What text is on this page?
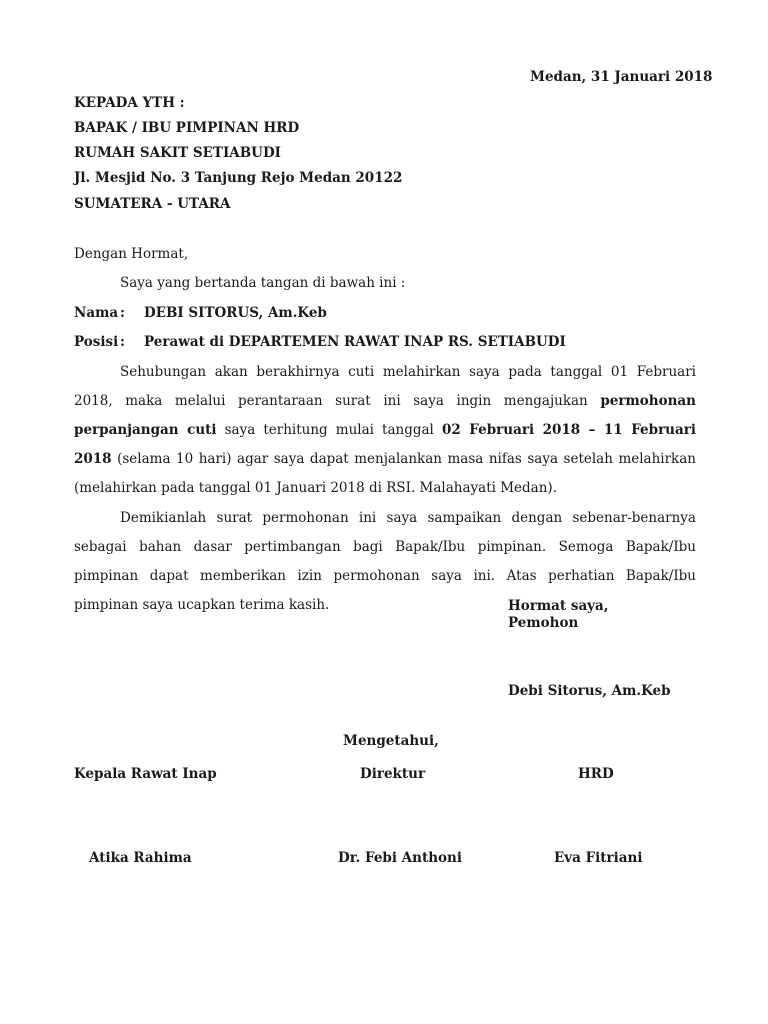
Medan, 31 Januari 2018
KEPADA YTH :
BAPAK / IBU PIMPINAN HRD
RUMAH SAKIT SETIABUDI
Jl. Mesjid No. 3 Tanjung Rejo Medan 20122
SUMATERA - UTARA
Dengan Hormat,
Saya yang bertanda tangan di bawah ini :
Nama : DEBI SITORUS, Am.Keb
Posisi : Perawat di DEPARTEMEN RAWAT INAP RS. SETIABUDI

Sehubungan akan berakhirnya cuti melahirkan saya pada tanggal 01 Februari 2018, maka melalui perantaraan surat ini saya ingin mengajukan permohonan perpanjangan cuti saya terhitung mulai tanggal 02 Februari 2018 – 11 Februari 2018 (selama 10 hari) agar saya dapat menjalankan masa nifas saya setelah melahirkan (melahirkan pada tanggal 01 Januari 2018 di RSI. Malahayati Medan).

Demikianlah surat permohonan ini saya sampaikan dengan sebenar-benarnya sebagai bahan dasar pertimbangan bagi Bapak/Ibu pimpinan. Semoga Bapak/Ibu pimpinan dapat memberikan izin permohonan saya ini. Atas perhatian Bapak/Ibu pimpinan saya ucapkan terima kasih.	Hormat saya,
Pemohon
Debi Sitorus, Am.Keb
Mengetahui,
Kepala Rawat Inap	Direktur	HRD
Atika Rahima	Dr. Febi Anthoni	Eva Fitriani
